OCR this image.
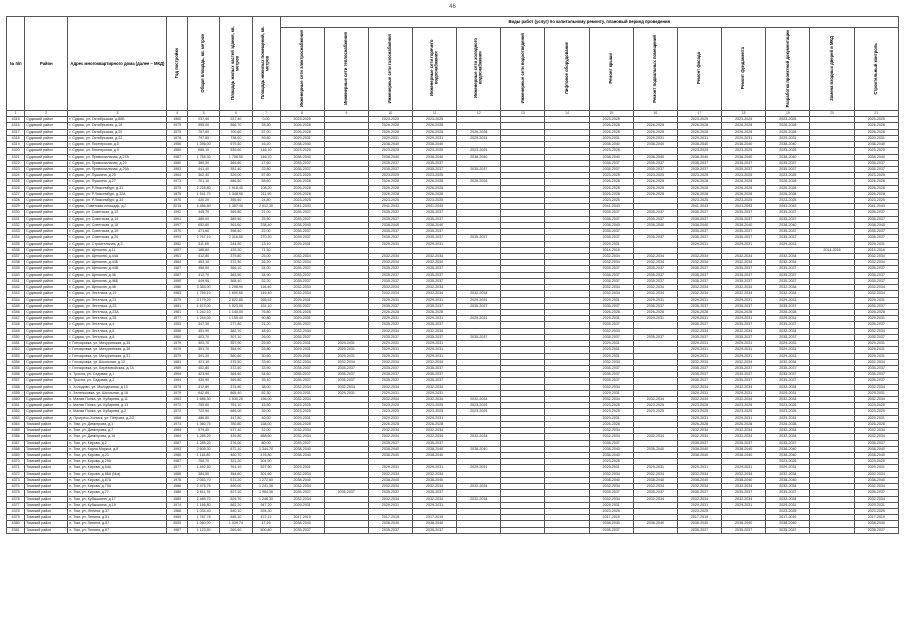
46
№ п/п	Район	Адрес многоквартирного дома (далее – МКД)	Год постройки	Общая площадь, кв. метров	Площадь жилых частей здания, кв. метров	Площадь нежилых помещений, кв. метров	Виды работ (услуг) по капитальному ремонту, плановый период проведения													
							Инженерные сети электроснабжения	Инженерные сети теплоснабжения	Инженерные сети газоснабжения	Инженерные сети горячего водоснабжения	Инженерные сети холодного водоснабжения	Инженерные сети водоотведения	Лифтовое оборудование	Ремонт крыши	Ремонт подвальных помещений	Ремонт фасада	Ремонт фундамента	Разработка проектной документации	Замена входных дверей в МКД	Строительный контроль
1	2	3	4	5	6	7	8	9	10	11	12	13	14	15	16	17	18	19	20	21
4315	Судиский район	г. Судиск, ул. Октябрьская, д.86Б	1960	237,40	237,40	0,00	2023-2025		2023-2025	2023-2025				2023-2025		2023-2025	2023-2025	2023-2025		2023-2025
4316	Судиский район	г. Судиск, ул. Октябрьская, д.18	1975	595,00	566,70	28,30	2026-2028		2026-2028	2026-2028				2026-2028	2026-2028	2026-2028	2026-2028	2026-2028		2026-2028
4317	Судиский район	г. Судиск, ул. Октябрьская, д.20	1975	757,60	700,60	57,00	2026-2028		2026-2028	2026-2028	2026-2028			2026-2028	2026-2028	2026-2028	2026-2028	2026-2028		2026-2028
4318	Судиский район	г. Судиск, ул. Октябрьская, д.22	1978	797,80	738,00	59,80	2029-2031		2029-2031	2029-2031	2029-2031			2029-2031	2029-2031	2029-2031	2029-2031	2029-2031		2029-2031
4319	Судиский район	г. Судиск, ул. Пионерская, д.5	1956	1 356,00	675,50	16,20	2038-2040		2038-2040	2038-2040				2038-2040	2038-2040	2038-2040	2038-2040	2038-2040		2038-2040
4320	Судиский район	г. Судиск, ул. Пионерская, д.9	1989	685,10	539,00	146,10	2023-2025		2023-2025	2023-2025	2023-2025			2023-2025		2023-2025	2023-2025	2023-2025		2023-2025
4321	Судиский район	г. Судиск, ул. Привокзальная, д.27А	1987	1 755,30	1 708,50	146,70	2038-2040		2038-2040	2038-2040	2038-2040			2038-2040	2038-2040	2038-2040	2038-2040	2038-2040		2038-2040
4322	Судиский район	г. Судиск, ул. Привокзальная, д.29	1980	380,30	365,60	17,60	2035-2037		2035-2037	2035-2037				2035-2037	2035-2037	2035-2037	2035-2037	2035-2037		2035-2037
4323	Судиский район	г. Судиск, ул. Привокзальная, д.29А	1983	441,40	351,40	22,80	2035-2037		2035-2037	2035-2037	2035-2037			2035-2037	2035-2037	2035-2037	2035-2037	2035-2037		2035-2037
4324	Судиский район	г. Судиск, ул. Пушкина, д.25	1964	362,40	329,00	57,60	2023-2025		2023-2025	2023-2025				2023-2025	2023-2025	2023-2025	2023-2025	2023-2025		2023-2025
4325	Судиский район	г. Судиск, ул. Пушкина, д.27	1973	701,10	686,50	58,60	2026-2028		2026-2028	2026-2028	2026-2028			2026-2028	2026-2028	2026-2028	2026-2028	2026-2028		2026-2028
4326	Судиский район	г. Судиск, ул. Р.Люксембург, д.31	1975	2 228,80	1 918,40	108,20	2026-2028		2026-2028	2026-2028				2026-2028	2026-2028	2026-2028	2026-2028	2026-2028		2026-2028
4327	Судиский район	г. Судиск, ул. Р.Люксембург, д.32А	1975	1 541,70	1 348,90	211,90	2026-2028		2026-2028	2026-2028				2026-2028	2026-2028	2026-2028	2026-2028	2026-2028		2026-2028
4328	Судиский район	г. Судиск, ул. Р.Люксембург, д.34	1970	420,20	395,40	24,80	2023-2025		2023-2025	2023-2025				2023-2025		2023-2025	2023-2025	2023-2025		2023-2025
4329	Судиский район	г. Судиск, Советская площадь, д.2	2015	4 456,80	1 367,40	2 012,30	2041-2043		2041-2043	2041-2043				2041-2043		2041-2043	2041-2043	2041-2043		2041-2043
4330	Судиский район	г. Судиск, ул. Советская, д.12	1992	445,70	369,80	21,00	2035-2037		2035-2037	2035-2037				2035-2037	2035-2037	2035-2037	2035-2037	2035-2037		2035-2037
4331	Судиский район	г. Судиск, ул. Советская, д.14	1991	485,00	389,50	25,50	2035-2037		2035-2037	2035-2037				2035-2037	2035-2037	2035-2037	2035-2037	2035-2037		2035-2037
4332	Судиский район	г. Судиск, ул. Советская, д.18	1997	652,80	361,60	238,40	2038-2040		2038-2040	2038-2040				2038-2040	2038-2040	2038-2040	2038-2040	2038-2040		2038-2040
4333	Судиский район	г. Судиск, ул. Советская, д.19	1970	471,60	398,40	22,00	2035-2037		2035-2037	2035-2037				2035-2037		2035-2037	2035-2037	2035-2037		2035-2037
4334	Судиский район	г. Судиск, ул. Советская, д.20	1993	2 767,10	2 316,50	270,20	2035-2037		2035-2037	2035-2037	2035-2037			2035-2037	2035-2037	2035-2037	2035-2037	2035-2037		2035-2037
4335	Судиский район	г. Судиск, ул. Строительная, д.3	1952	311,60	244,30	13,10	2029-2031		2029-2031	2029-2031				2029-2031		2029-2031	2029-2031	2029-2031		2029-2031
4336	Судиский район	г. Судиск, ул. Щепкина, д.11	1957	186,60	125,30	71,50								2014-2016					2014-2016	2014-2016
4337	Судиский район	г. Судиск, ул. Щепкина, д.44А	1961	412,80	379,80	25,00	2032-2034		2032-2034	2032-2034				2032-2034	2032-2034	2032-2034	2032-2034	2032-2034		2032-2034
4338	Судиский район	г. Судиск, ул. Щепкина, д.44Б	1984	453,10	372,30	26,20	2032-2034		2032-2034	2032-2034				2032-2034	2032-2034	2032-2034	2032-2034	2032-2034		2032-2034
4339	Судиский район	г. Судиск, ул. Щепкина, д.44В	1987	458,90	366,10	34,00	2035-2037		2035-2037	2035-2037				2035-2037	2035-2037	2035-2037	2035-2037	2035-2037		2035-2037
4340	Судиский район	г. Судиск, ул. Щепкина, д.46	1987	412,70	363,50	34,90	2035-2037		2035-2037	2035-2037				2035-2037	2035-2037	2035-2037	2035-2037	2035-2037		2035-2037
4341	Судиский район	г. Судиск, ул. Щепкина, д.46Б	1990	449,90	368,40	32,20	2035-2037		2035-2037	2035-2037				2035-2037	2035-2037	2035-2037	2035-2037	2035-2037		2035-2037
4342	Судиский район	г. Судиск, ул. Щепкина, д.48	1986	3 383,00	1 208,90	116,40	2032-2034		2032-2034	2032-2034				2032-2034	2032-2034	2032-2034	2032-2034	2032-2034		2032-2034
4343	Судиский район	г. Судиск, ул. Энгельса, д.19	1983	1 759,10	1 609,60	149,40	2032-2034		2032-2034	2032-2034	2032-2034			2032-2034	2032-2034	2032-2034	2032-2034	2032-2034		2032-2034
4344	Судиский район	г. Судиск, ул. Энгельса, д.21	1979	3 179,20	2 822,80	265,52	2029-2031		2029-2031	2029-2031	2029-2031			2029-2031	2029-2031	2029-2031	2029-2031	2029-2031		2029-2031
4345	Судиский район	г. Судиск, ул. Энгельса, д.23	1981	1 674,00	1 523,00	151,10	2035-2037		2035-2037	2035-2037	2035-2037			2035-2037	2035-2037	2035-2037	2035-2037	2035-2037		2035-2037
4346	Судиский район	г. Судиск, ул. Энгельса, д.23А	1981	1 242,10	1 140,00	76,80	2026-2028		2026-2028	2026-2028				2026-2028	2026-2028	2026-2028	2026-2028	2026-2028		2026-2028
4347	Судиский район	г. Судиск, ул. Энгельса, д.25	1977	1 244,00	1 155,40	90,80	2029-2031		2029-2031	2029-2031	2029-2031			2029-2031	2029-2031	2029-2031	2029-2031	2029-2031		2029-2031
4348	Судиский район	г. Судиск, ул. Энгельса, д.4	1953	347,30	277,80	21,20	2035-2037		2035-2037	2035-2037				2035-2037		2035-2037	2035-2037	2035-2037		2035-2037
4349	Судиский район	г. Судиск, ул. Энгельса, д.6	1956	451,90	382,70	48,60	2032-2034		2032-2034	2032-2034				2032-2034		2032-2034	2032-2034	2032-2034		2032-2034
4350	Судиский район	г. Судиск, ул. Энгельса, д.8	1960	403,70	307,10	26,00	2035-2037		2035-2037	2035-2037	2035-2037			2035-2037	2035-2037	2035-2037	2035-2037	2035-2037		2035-2037
4351	Судиский район	г. Гончаровка, ул. Мичуринская, д.35	1979	403,70	357,90	25,50	2029-2031	2029-2031	2029-2031	2029-2031				2029-2031		2029-2031	2029-2031	2029-2031		2029-2031
4352	Судиский район	г. Гончаровка, ул. Мичуринская, д.36	1979	391,70	354,90	25,80	2029-2031	2029-2031	2029-2031	2029-2031				2029-2031		2029-2031	2029-2031	2029-2031		2029-2031
4353	Судиский район	г. Гончаровка, ул. Мичуринская, д.37	1979	391,20	360,60	30,60	2029-2031	2029-2031	2029-2031	2029-2031				2029-2031		2029-2031	2029-2031	2029-2031		2029-2031
4354	Судиский район	г. Гончаровка, ул. Школьная, д.12	1981	421,10	375,50	33,60	2032-2034	2032-2034	2032-2034	2032-2034				2032-2034		2032-2034	2032-2034	2032-2034		2032-2034
4355	Судиский район	г. Гончаровка, ул. Березовойская, д.7А	1989	452,80	372,60	33,90	2035-2037	2035-2037	2035-2037	2035-2037				2035-2037		2035-2037	2035-2037	2035-2037		2035-2037
4356	Судиский район	с. Тросна, ул. Садовая, д.1	1994	423,90	364,60	34,60	2035-2037	2035-2037	2035-2037	2035-2037				2035-2037		2035-2037	2035-2037	2035-2037		2035-2037
4357	Судиский район	с. Тросна, ул. Садовая, д.2	1994	439,90	369,80	35,40	2035-2037	2035-2037	2035-2037	2035-2037				2035-2037		2035-2037	2035-2037	2035-2037		2035-2037
4358	Судиский район	с. Холодово, ул. Молодежная, д.13	1978	412,80	374,80	38,00	2032-2034	2032-2034	2032-2034	2032-2034				2032-2034		2032-2034	2032-2034	2032-2034		2032-2034
4359	Судиский район	с. Зеленьковка, ул. Школьная, д.16	1979	942,80	865,40	82,30	2029-2031	2029-2031	2029-2031	2029-2031				2029-2031		2029-2031	2029-2031	2029-2031		2029-2031
4360	Судиский район	с. Малая Понка, ул. Кубарева, д.11	1963	1 686,30	1 530,20	156,00	2032-2034		2032-2034	2032-2034	2032-2034			2032-2034	2032-2034	2032-2034	2032-2034	2032-2034		2032-2034
4361	Судиский район	с. Малая Понка, ул. Кубарева, д.13	1972	755,60	751,10	15,50	2023-2025		2023-2025	2023-2025	2023-2025			2023-2025	2023-2025	2023-2025	2023-2025	2023-2025		2023-2025
4362	Судиский район	с. Малая Понка, ул. Кубарева, д.2	1972	722,90	685,00	39,00	2023-2025		2023-2025	2023-2025	2023-2025			2023-2025	2023-2025	2023-2025	2023-2025	2023-2025		2023-2025
4363	Судиский район	д. Прогресс-Холмск, ул. Петрова, д.2/2	1968	486,80	447,80	40,00	2029-2031		2029-2031	2029-2031				2029-2031		2029-2031	2029-2031	2029-2031		2029-2031
4364	Тимский район	п. Тим, ул. Димитрова, д.1	1974	1 360,75	780,80	158,00	2026-2028		2026-2028	2026-2028				2026-2028		2026-2028	2026-2028	2026-2028		2026-2028
4365	Тимский район	п. Тим, ул. Димитрова, д.7	1984	579,40	577,40	22,00	2032-2034		2032-2034	2032-2034				2032-2034		2032-2034	2032-2034	2032-2034		2032-2034
4366	Тимский район	п. Тим, ул. Димитрова, д.16	1984	1 285,20	439,80	688,60	2032-2034		2032-2034	2032-2034	2032-2034			2032-2034	2032-2034	2032-2034	2032-2034	2032-2034		2032-2034
4367	Тимский район	п. Тим, ул. Кирова, д.2	1987	1 285,20	376,00	80,00	2035-2037		2035-2037	2035-2037				2035-2037		2035-2037	2035-2037	2035-2037		2035-2037
4368	Тимский район	п. Тим, ул. Карла Маркса, д.8	1993	2 605,30	872,10	1 344,70	2038-2040		2038-2040	2038-2040	2038-2040			2038-2040	2038-2040	2038-2040	2038-2040	2038-2040		2038-2040
4369	Тимский район	п. Тим, ул. Кирова, д.23	1986	1 116,80	460,70	476,80	2038-2040		2038-2040	2038-2040				2038-2040		2038-2040	2038-2040	2038-2040		2038-2040
4370	Тимский район	п. Тим, ул. Кирова, д.29А	1987	708,70	321,20	304,50								2023-2025				2023-2025		2023-2025
4371	Тимский район	п. Тим, ул. Кирова, д.54А	1977	1 492,50	761,10	527,50	2029-2031		2029-2031	2029-2031	2029-2031			2029-2031	2029-2031	2029-2031	2029-2031	2029-2031		2029-2031
4372	Тимский район	п. Тим, ул. Кирова, д.56А (№а)	1986	384,50	354,60	301,60	2032-2034		2032-2034	2032-2034				2032-2034	2032-2034	2032-2034	2032-2034	2032-2034		2032-2034
4373	Тимский район	п. Тим, ул. Кирова, д.67А	1978	2 053,70	673,20	1 272,60	2038-2040		2038-2040	2038-2040				2038-2040	2038-2040	2038-2040	2038-2040	2038-2040		2038-2040
4374	Тимский район	п. Тим, ул. Кирова, д.73А	1986	2 475,76	890,00	1 241,36	2032-2034		2032-2034	2032-2034	2032-2034			2032-2034	2032-2034	2032-2034	2032-2034	2032-2034		2032-2034
4375	Тимский район	п. Тим, ул. Кирова, д.77	1988	2 611,76	627,10	1 964,36	2035-2037	2035-2037	2035-2037	2035-2037				2035-2037	2035-2037	2035-2037	2035-2037	2035-2037		2035-2037
4376	Тимский район	п. Тим, ул. Кубышкина, д.17	1985	2 489,70	529,70	1 246,30	2032-2034		2032-2034	2032-2034	2032-2034			2032-2034	2032-2034	2032-2034	2032-2034	2032-2034		2032-2034
4377	Тимский район	п. Тим, ул. Кубышкина, д.19	1974	1 166,80	862,20	947,20	2029-2031		2029-2031	2029-2031				2029-2031		2029-2031	2029-2031	2029-2031		2029-2031
4378	Тимский район	п. Тим, ул. Ленина, д.37	1966	1 034,40	640,10	394,30								2023-2025		2023-2025		2023-2025		2023-2025
4379	Тимский район	п. Тим, ул. Ленина, д.51	1969	1 787,76	645,10	472,12	2017-2019		2017-2019	2017-2019				2017-2019		2017-2019		2017-2019		2017-2019
4380	Тимский район	п. Тим, ул. Ленина, д.57	2005	1 060,00	1 039,74	17,26	2038-2040		2038-2040	2038-2040				2038-2040	2038-2040	2038-2040	2038-2040	2038-2040		2038-2040
4381	Тимский район	п. Тим, ул. Ленина, д.67	1987	1 123,50	260,60	500,80	2035-2037		2035-2037	2035-2037				2035-2037		2035-2037	2035-2037	2035-2037		2035-2037
